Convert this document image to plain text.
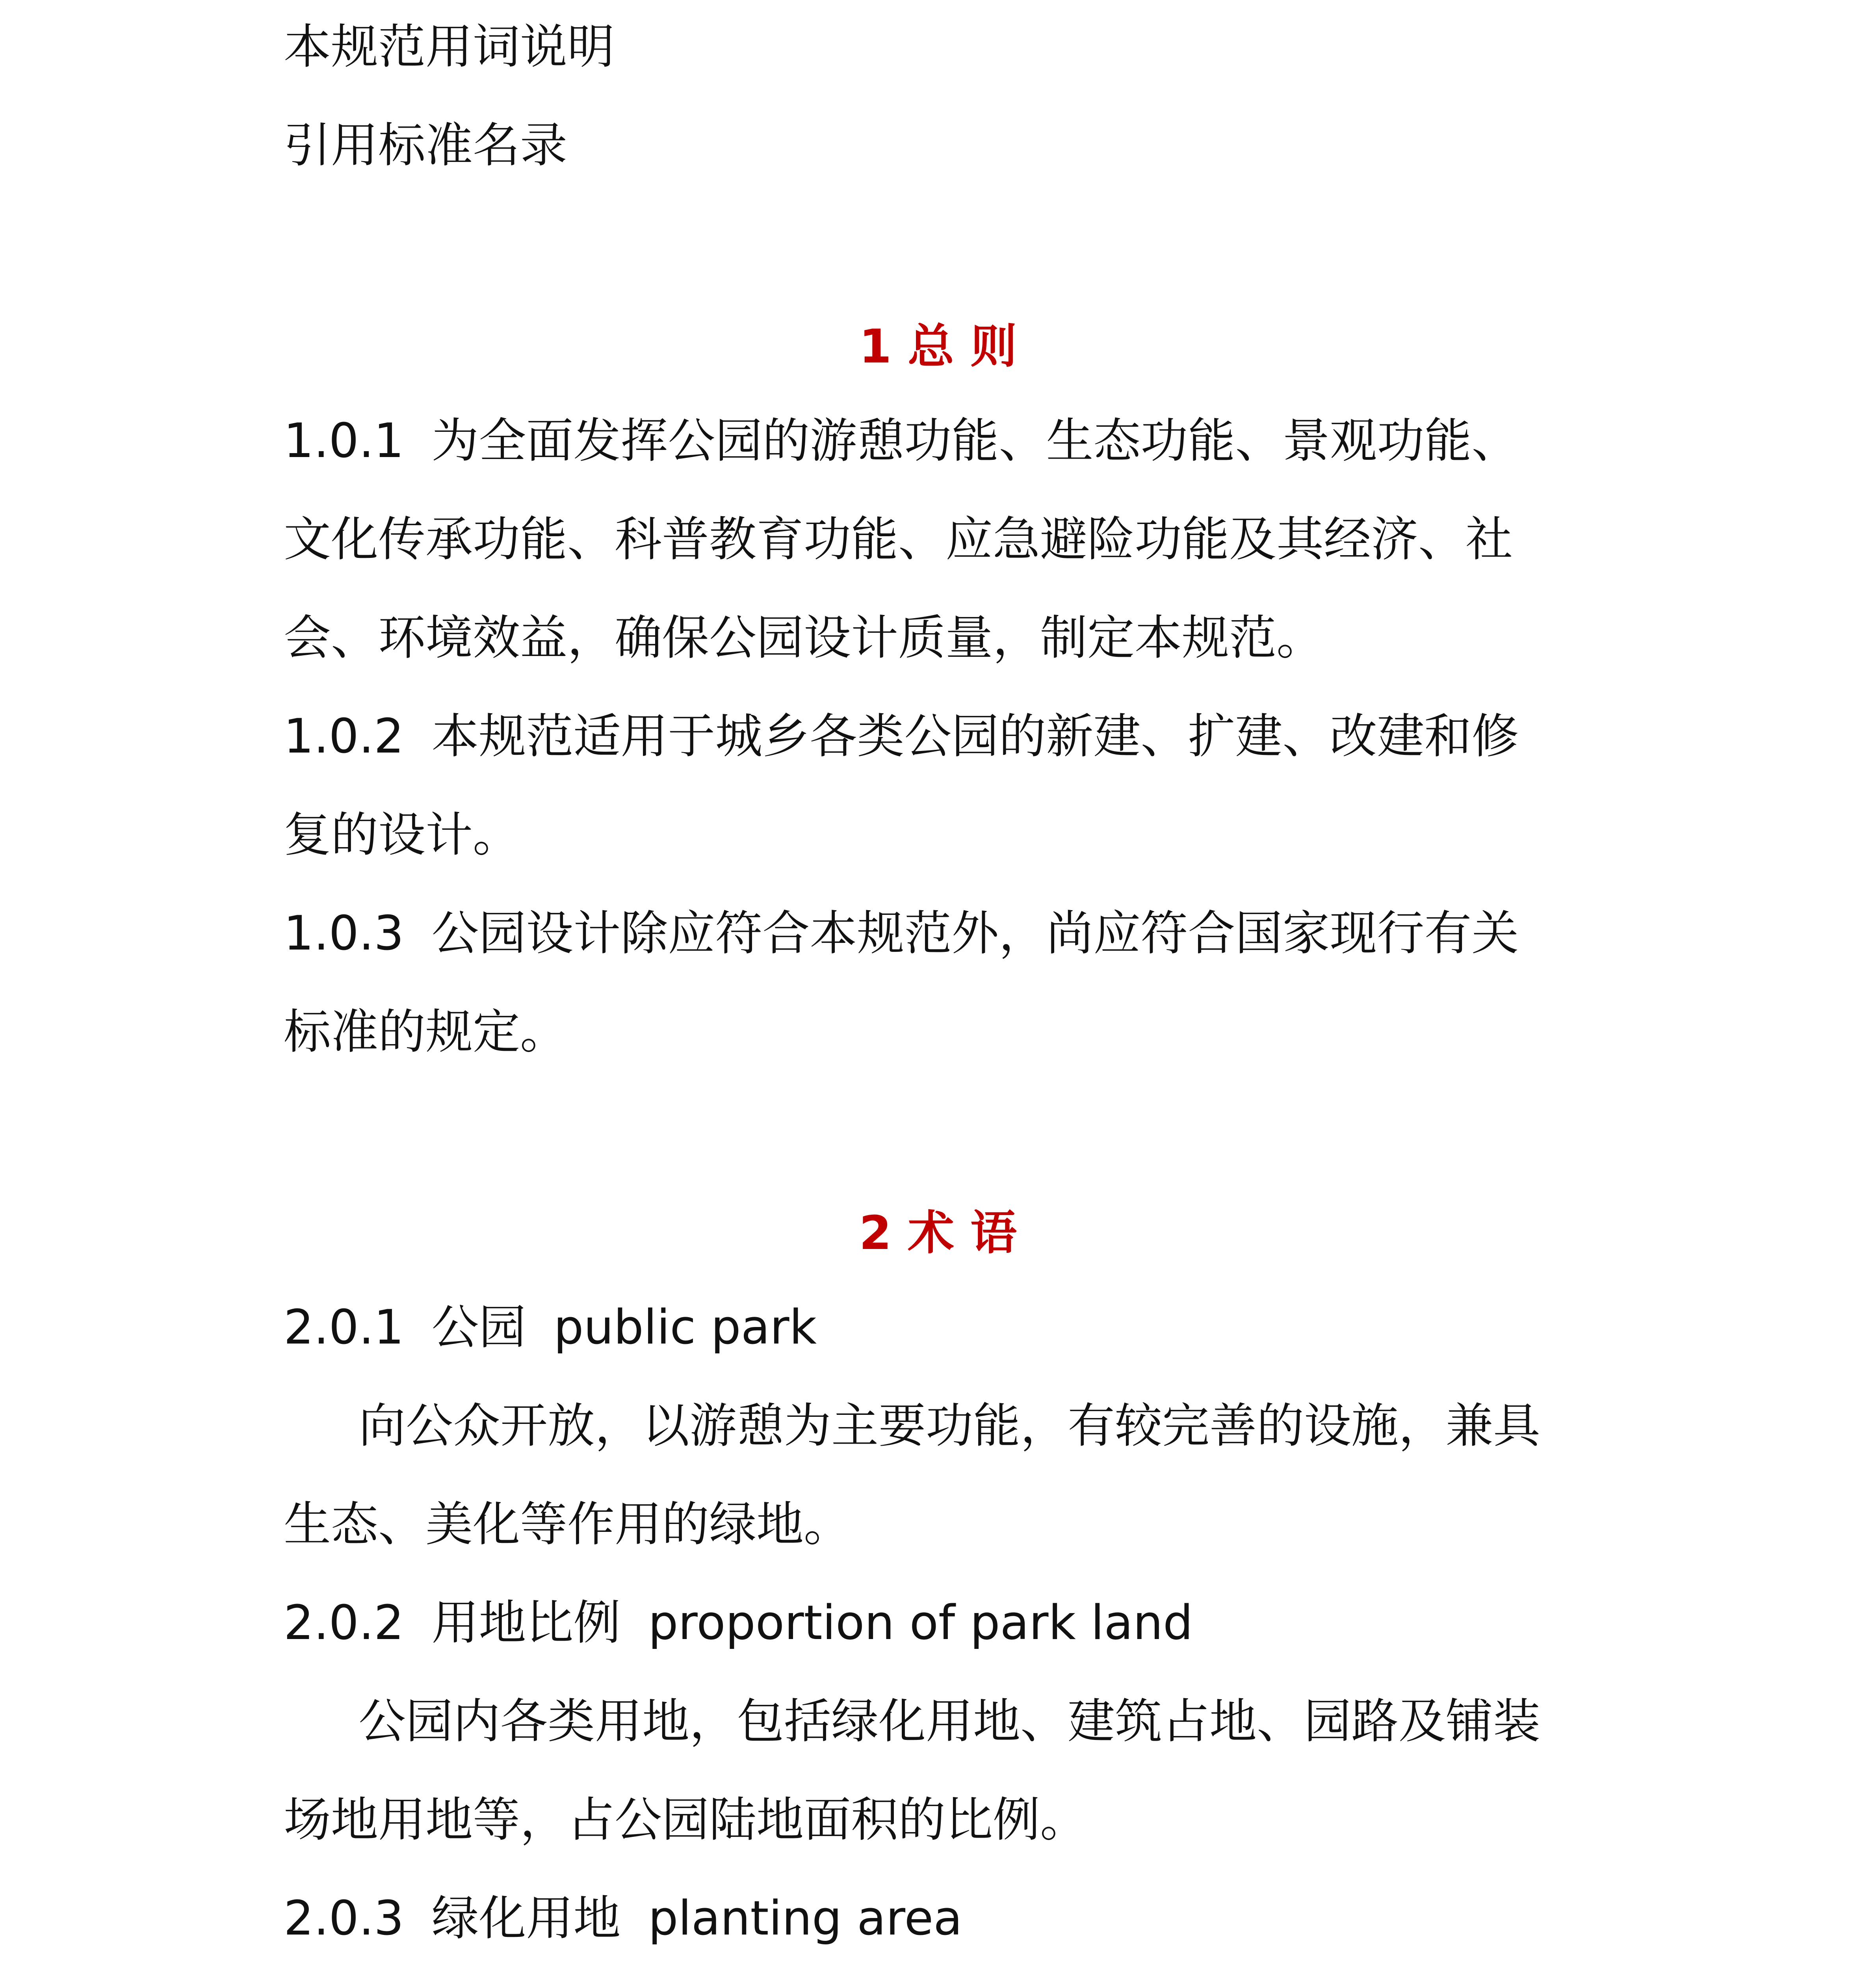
本规范用词说明

引用标准名录

1 总 则

1.0.1 为全面发挥公园的游憩功能、生态功能、景观功能、

文化传承功能、科普教育功能、应急避险功能及其经济、社

会、环境效益，确保公园设计质量，制定本规范。

1.0.2 本规范适用于城乡各类公园的新建、扩建、改建和修

复的设计。

1.0.3 公园设计除应符合本规范外，尚应符合国家现行有关

标准的规定。

2 术 语

2.0.1 公园 public park

向公众开放，以游憩为主要功能，有较完善的设施，兼具

生态、美化等作用的绿地。

2.0.2 用地比例 proportion of park land

公园内各类用地，包括绿化用地、建筑占地、园路及铺装

场地用地等，占公园陆地面积的比例。

2.0.3 绿化用地 planting area
